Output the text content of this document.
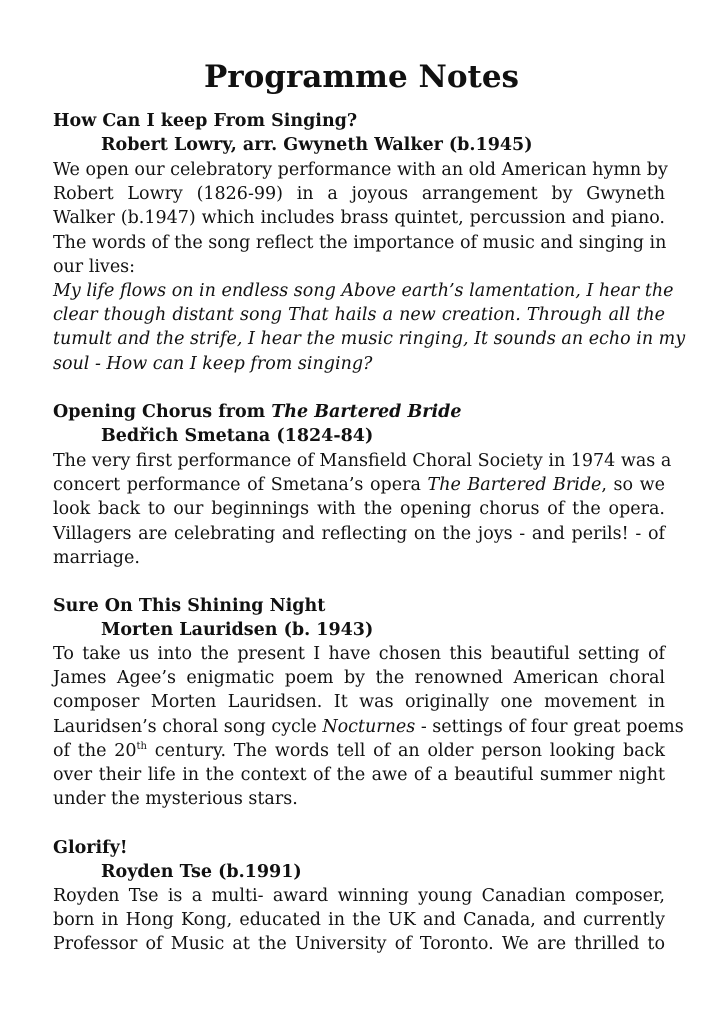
Programme Notes
How Can I keep From Singing?
Robert Lowry, arr. Gwyneth Walker (b.1945)
We open our celebratory performance with an old American hymn by
Robert Lowry (1826-99) in a joyous arrangement by Gwyneth
Walker (b.1947) which includes brass quintet, percussion and piano.
The words of the song reflect the importance of music and singing in
our lives:
My life flows on in endless song Above earth’s lamentation, I hear the
clear though distant song That hails a new creation. Through all the
tumult and the strife, I hear the music ringing, It sounds an echo in my
soul - How can I keep from singing?
Opening Chorus from The Bartered Bride
Bedřich Smetana (1824-84)
The very first performance of Mansfield Choral Society in 1974 was a
concert performance of Smetana’s opera The Bartered Bride, so we
look back to our beginnings with the opening chorus of the opera.
Villagers are celebrating and reflecting on the joys - and perils! - of
marriage.
Sure On This Shining Night
Morten Lauridsen (b. 1943)
To take us into the present I have chosen this beautiful setting of
James Agee’s enigmatic poem by the renowned American choral
composer Morten Lauridsen. It was originally one movement in
Lauridsen’s choral song cycle Nocturnes - settings of four great poems
of the 20th century. The words tell of an older person looking back
over their life in the context of the awe of a beautiful summer night
under the mysterious stars.
Glorify!
Royden Tse (b.1991)
Royden Tse is a multi- award winning young Canadian composer,
born in Hong Kong, educated in the UK and Canada, and currently
Professor of Music at the University of Toronto. We are thrilled to
